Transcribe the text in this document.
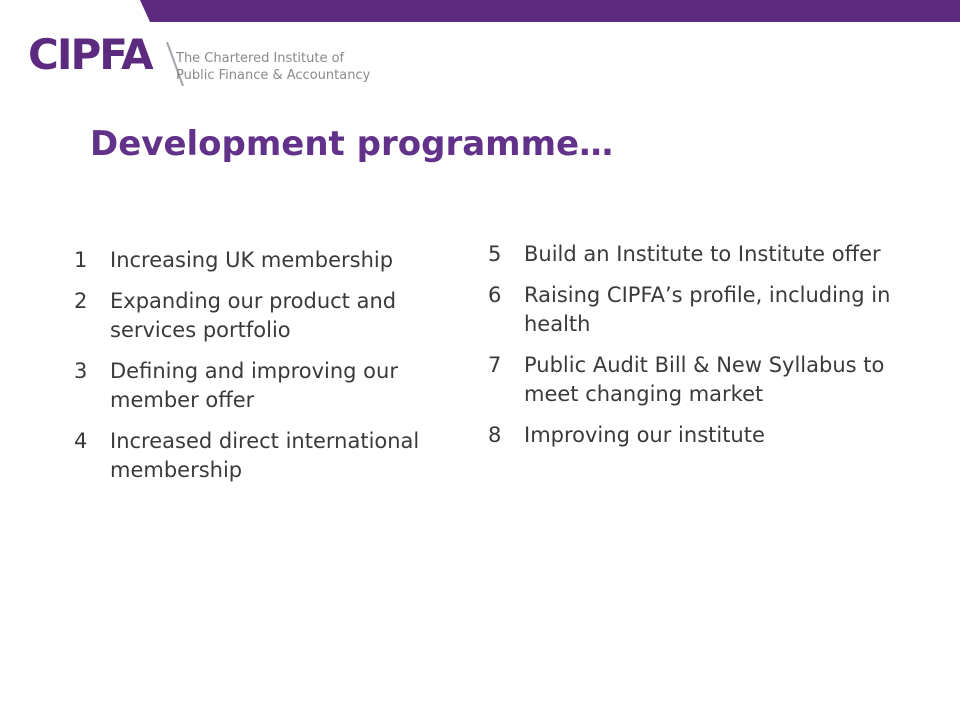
CIPFA The Chartered Institute of
Public Finance & Accountancy
Development programme…
1 Increasing UK membership
2 Expanding our product and services portfolio
3 Defining and improving our member offer
4 Increased direct international membership
5 Build an Institute to Institute offer
6 Raising CIPFA’s profile, including in health
7 Public Audit Bill & New Syllabus to meet changing market
8 Improving our institute
